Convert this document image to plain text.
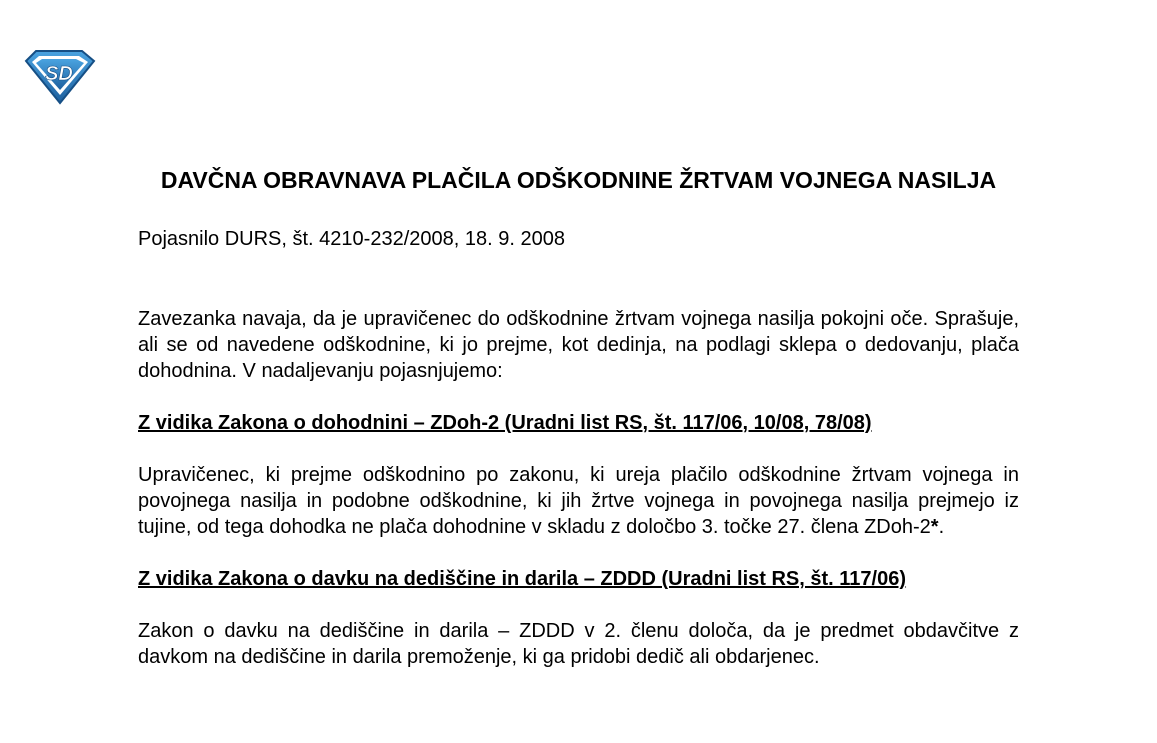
SD
DAVČNA OBRAVNAVA PLAČILA ODŠKODNINE ŽRTVAM VOJNEGA NASILJA

Pojasnilo DURS, št. 4210-232/2008, 18. 9. 2008

Zavezanka navaja, da je upravičenec do odškodnine žrtvam vojnega nasilja pokojni oče. Sprašuje, ali se od navedene odškodnine, ki jo prejme, kot dedinja, na podlagi sklepa o dedovanju, plača dohodnina. V nadaljevanju pojasnjujemo:

Z vidika Zakona o dohodnini – ZDoh-2 (Uradni list RS, št. 117/06, 10/08, 78/08)

Upravičenec, ki prejme odškodnino po zakonu, ki ureja plačilo odškodnine žrtvam vojnega in povojnega nasilja in podobne odškodnine, ki jih žrtve vojnega in povojnega nasilja prejmejo iz tujine, od tega dohodka ne plača dohodnine v skladu z določbo 3. točke 27. člena ZDoh-2*.

Z vidika Zakona o davku na dediščine in darila – ZDDD (Uradni list RS, št. 117/06)

Zakon o davku na dediščine in darila – ZDDD v 2. členu določa, da je predmet obdavčitve z davkom na dediščine in darila premoženje, ki ga pridobi dedič ali obdarjenec.
